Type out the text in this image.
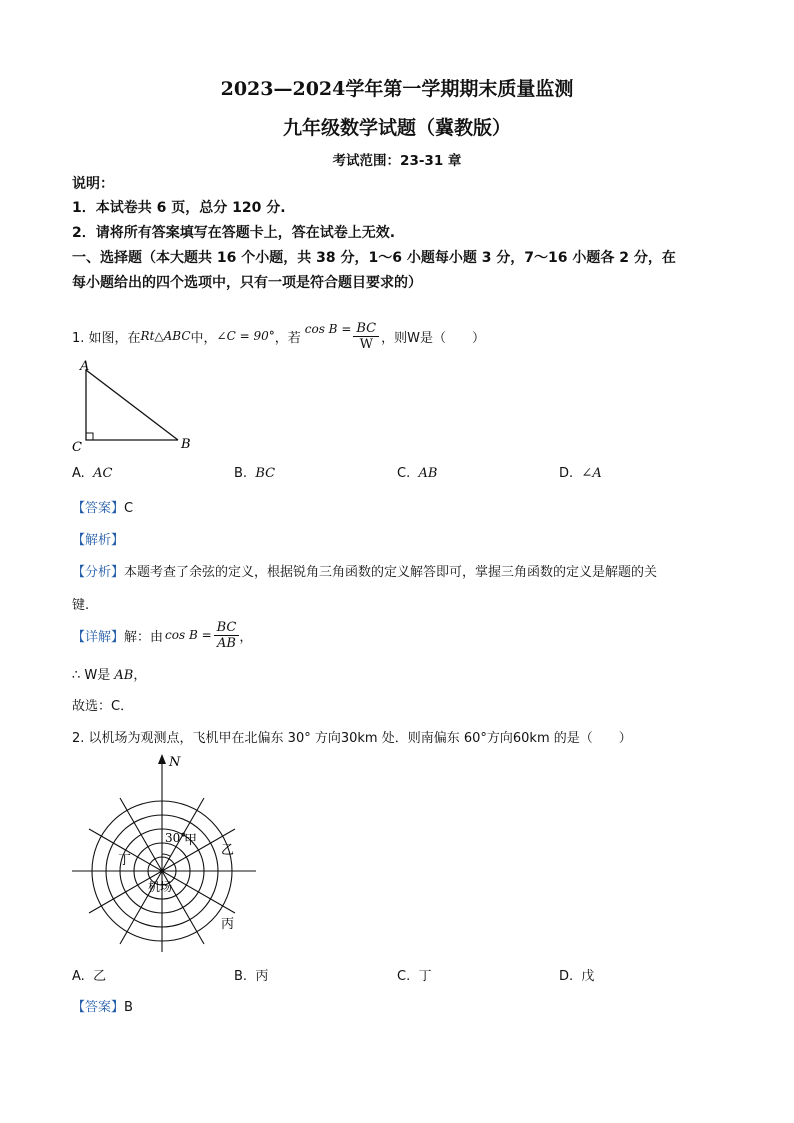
2023—2024学年第一学期期末质量监测
九年级数学试题（冀教版）
考试范围：23-31 章
说明：
1．本试卷共 6 页，总分 120 分.
2．请将所有答案填写在答题卡上，答在试卷上无效.
一、选择题（本大题共 16 个小题，共 38 分，1～6 小题每小题 3 分，7～16 小题各 2 分，在
每小题给出的四个选项中，只有一项是符合题目要求的）
1. 如图，在 Rt△ABC 中， ∠C = 90° ，若
$\cos B = \frac{BC}{W}$ ，则W是（　　）
A
C	B
A. AC	B. BC	C. AB	D. ∠A
【答案】C
【解析】
【分析】本题考查了余弦的定义，根据锐角三角函数的定义解答即可，掌握三角函数的定义是解题的关
键.
【详解】 解：由 $\cos B = \frac{BC}{AB}$ ，
∴ W是 AB，
故选：C．
2. 以机场为观测点，飞机甲在北偏东 30° 方向30km 处．则南偏东 60°方向60km 的是（　　）
N
30°
甲
乙
丙
丁
机场
A. 乙	B. 丙	C. 丁	D. 戊
【答案】B
